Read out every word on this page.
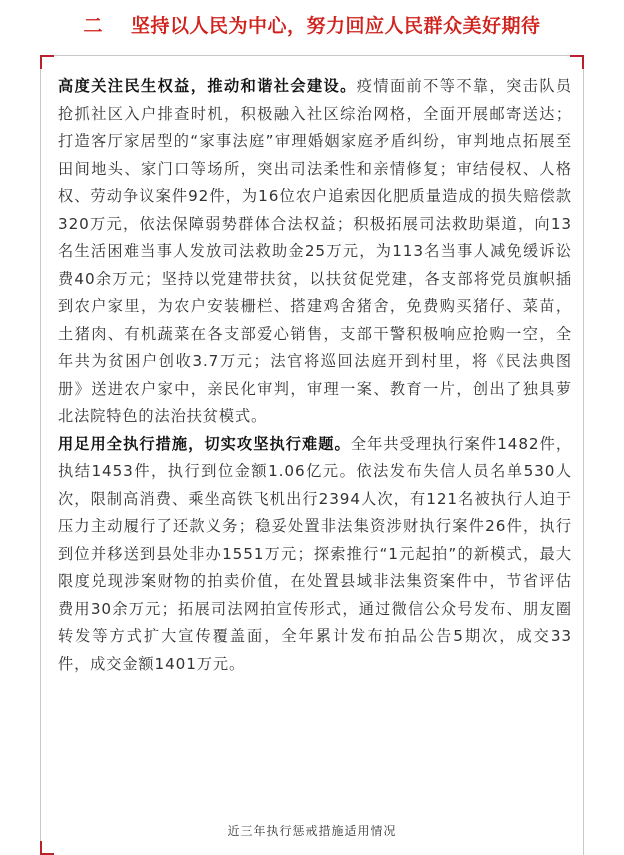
二 坚持以人民为中心，努力回应人民群众美好期待

高度关注民生权益，推动和谐社会建设。疫情面前不等不靠，突击队员抢抓社区入户排查时机，积极融入社区综治网格，全面开展邮寄送达；打造客厅家居型的“家事法庭”审理婚姻家庭矛盾纠纷，审判地点拓展至田间地头、家门口等场所，突出司法柔性和亲情修复；审结侵权、人格权、劳动争议案件92件，为16位农户追索因化肥质量造成的损失赔偿款320万元，依法保障弱势群体合法权益；积极拓展司法救助渠道，向13名生活困难当事人发放司法救助金25万元，为113名当事人减免缓诉讼费40余万元；坚持以党建带扶贫，以扶贫促党建，各支部将党员旗帜插到农户家里，为农户安装栅栏、搭建鸡舍猪舍，免费购买猪仔、菜苗，土猪肉、有机蔬菜在各支部爱心销售，支部干警积极响应抢购一空，全年共为贫困户创收3.7万元；法官将巡回法庭开到村里，将《民法典图册》送进农户家中，亲民化审判，审理一案、教育一片，创出了独具萝北法院特色的法治扶贫模式。

用足用全执行措施，切实攻坚执行难题。全年共受理执行案件1482件，执结1453件，执行到位金额1.06亿元。依法发布失信人员名单530人次，限制高消费、乘坐高铁飞机出行2394人次，有121名被执行人迫于压力主动履行了还款义务；稳妥处置非法集资涉财执行案件26件，执行到位并移送到县处非办1551万元；探索推行“1元起拍”的新模式，最大限度兑现涉案财物的拍卖价值，在处置县域非法集资案件中，节省评估费用30余万元；拓展司法网拍宣传形式，通过微信公众号发布、朋友圈转发等方式扩大宣传覆盖面，全年累计发布拍品公告5期次，成交33件，成交金额1401万元。

近三年执行惩戒措施适用情况
